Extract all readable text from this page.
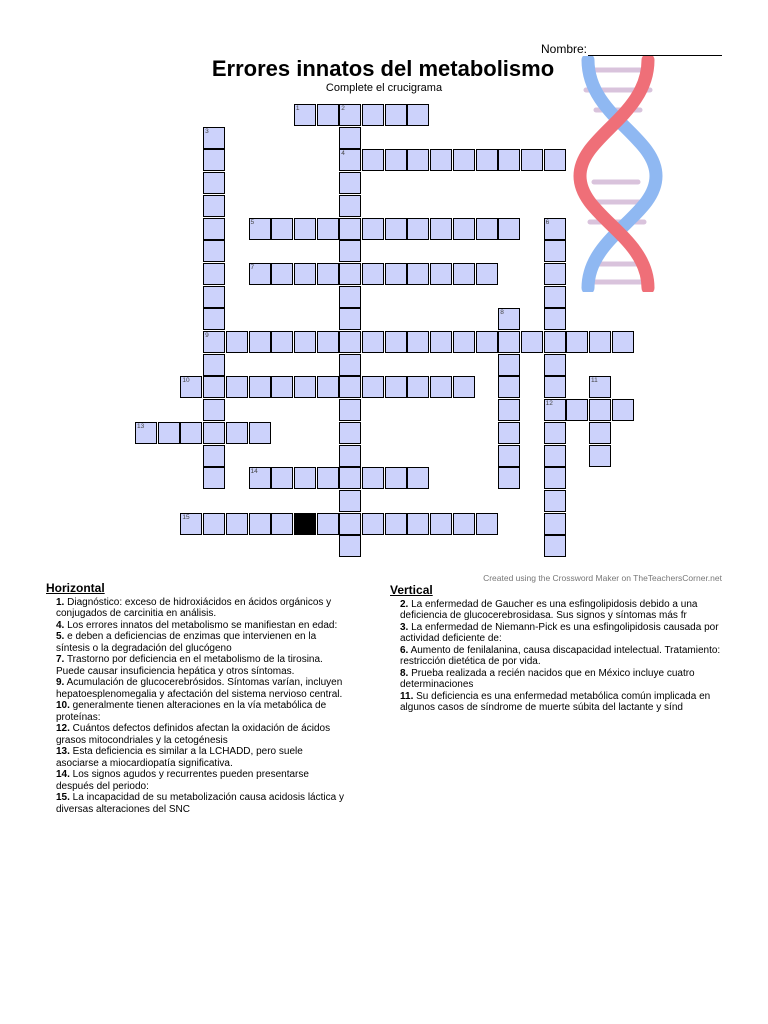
Nombre:
Errores innatos del metabolismo
Complete el crucigrama
1	2
4
3
9
5	6
12
7
8
10	11
13
14
15
Created using the Crossword Maker on TheTeachersCorner.net
Horizontal
1. Diagnóstico: exceso de hidroxiácidos en ácidos orgánicos y conjugados de carcinitia en análisis.
4. Los errores innatos del metabolismo se manifiestan en edad:
5. e deben a deficiencias de enzimas que intervienen en la síntesis o la degradación del glucógeno
7. Trastorno por deficiencia en el metabolismo de la tirosina. Puede causar insuficiencia hepática y otros síntomas.
9. Acumulación de glucocerebrósidos. Síntomas varían, incluyen hepatoesplenomegalia y afectación del sistema nervioso central.
10. generalmente tienen alteraciones en la vía metabólica de proteínas:
12. Cuántos defectos definidos afectan la oxidación de ácidos grasos mitocondriales y la cetogénesis
13. Esta deficiencia es similar a la LCHADD, pero suele asociarse a miocardiopatía significativa.
14. Los signos agudos y recurrentes pueden presentarse después del periodo:
15. La incapacidad de su metabolización causa acidosis láctica y diversas alteraciones del SNC
Vertical
2. La enfermedad de Gaucher es una esfingolipidosis debido a una deficiencia de glucocerebrosidasa. Sus signos y síntomas más fr
3. La enfermedad de Niemann-Pick es una esfingolipidosis causada por actividad deficiente de:
6. Aumento de fenilalanina, causa discapacidad intelectual. Tratamiento: restricción dietética de por vida.
8. Prueba realizada a recién nacidos que en México incluye cuatro determinaciones
11. Su deficiencia es una enfermedad metabólica común implicada en algunos casos de síndrome de muerte súbita del lactante y sínd
